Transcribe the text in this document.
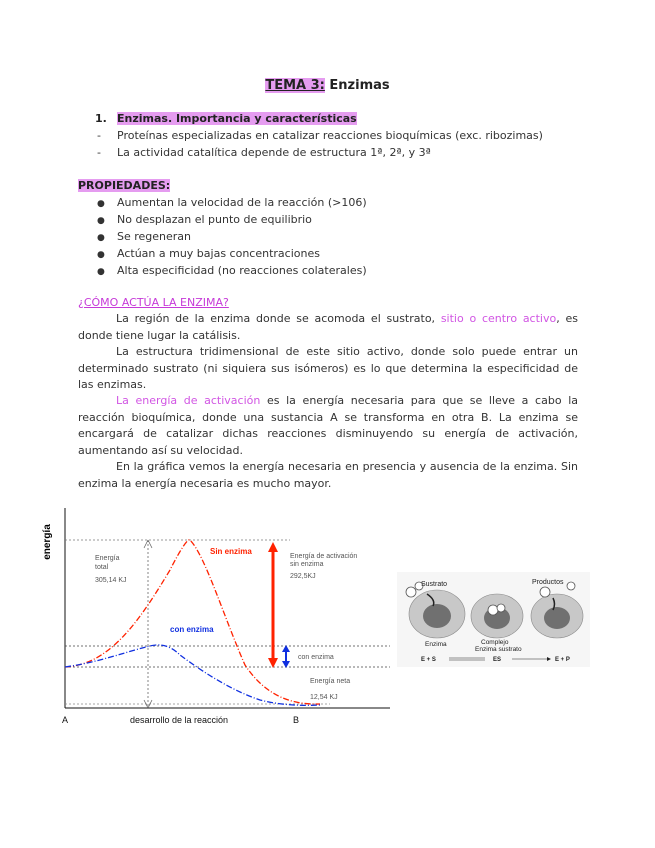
TEMA 3: Enzimas
1. Enzimas. Importancia y características
- Proteínas especializadas en catalizar reacciones bioquímicas (exc. ribozimas)
- La actividad catalítica depende de estructura 1ª, 2ª, y 3ª
PROPIEDADES:
● Aumentan la velocidad de la reacción (>106)
● No desplazan el punto de equilibrio
● Se regeneran
● Actúan a muy bajas concentraciones
● Alta especificidad (no reacciones colaterales)
¿CÓMO ACTÚA LA ENZIMA?
La región de la enzima donde se acomoda el sustrato, sitio o centro activo, es donde tiene lugar la catálisis.
La estructura tridimensional de este sitio activo, donde solo puede entrar un determinado sustrato (ni siquiera sus isómeros) es lo que determina la especificidad de las enzimas.
La energía de activación es la energía necesaria para que se lleve a cabo la reacción bioquímica, donde una sustancia A se transforma en otra B. La enzima se encargará de catalizar dichas reacciones disminuyendo su energía de activación, aumentando así su velocidad.
En la gráfica vemos la energía necesaria en presencia y ausencia de la enzima. Sin enzima la energía necesaria es mucho mayor.
energía	Sin enzima
con enzima
Energía
total
305,14 KJ
Energía de activación
sin enzima
292,5KJ
con enzima
Energía neta
12,54 KJ
A	desarrollo de la reacción	B
Sustrato	Productos
Enzima	Complejo
Enzima sustrato
E + S	ES	E + P
